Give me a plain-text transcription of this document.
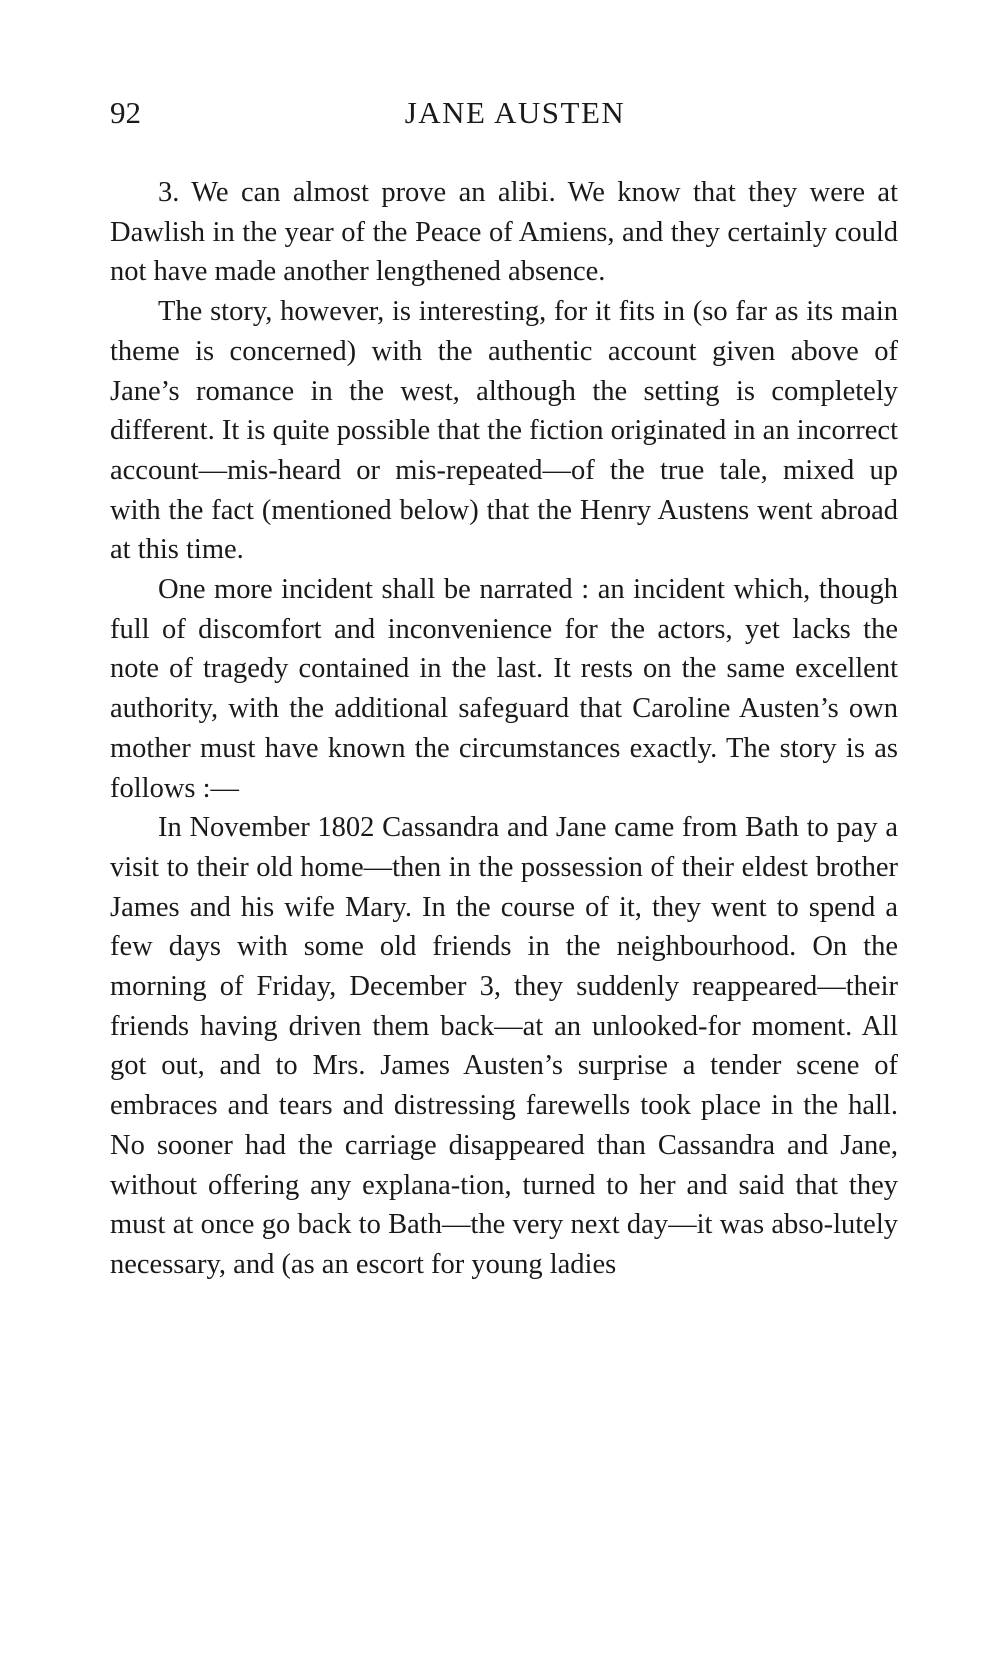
92	JANE AUSTEN

3. We can almost prove an alibi. We know that they were at Dawlish in the year of the Peace of Amiens, and they certainly could not have made another lengthened absence.

The story, however, is interesting, for it fits in (so far as its main theme is concerned) with the authentic account given above of Jane’s romance in the west, although the setting is completely different. It is quite possible that the fiction originated in an incorrect account—mis-heard or mis-repeated—of the true tale, mixed up with the fact (mentioned below) that the Henry Austens went abroad at this time.

One more incident shall be narrated : an incident which, though full of discomfort and inconvenience for the actors, yet lacks the note of tragedy contained in the last. It rests on the same excellent authority, with the additional safeguard that Caroline Austen’s own mother must have known the circumstances exactly. The story is as follows :—

In November 1802 Cassandra and Jane came from Bath to pay a visit to their old home—then in the possession of their eldest brother James and his wife Mary. In the course of it, they went to spend a few days with some old friends in the neighbourhood. On the morning of Friday, December 3, they suddenly reappeared—their friends having driven them back—at an unlooked-for moment. All got out, and to Mrs. James Austen’s surprise a tender scene of embraces and tears and distressing farewells took place in the hall. No sooner had the carriage disappeared than Cassandra and Jane, without offering any explana-tion, turned to her and said that they must at once go back to Bath—the very next day—it was abso-lutely necessary, and (as an escort for young ladies
